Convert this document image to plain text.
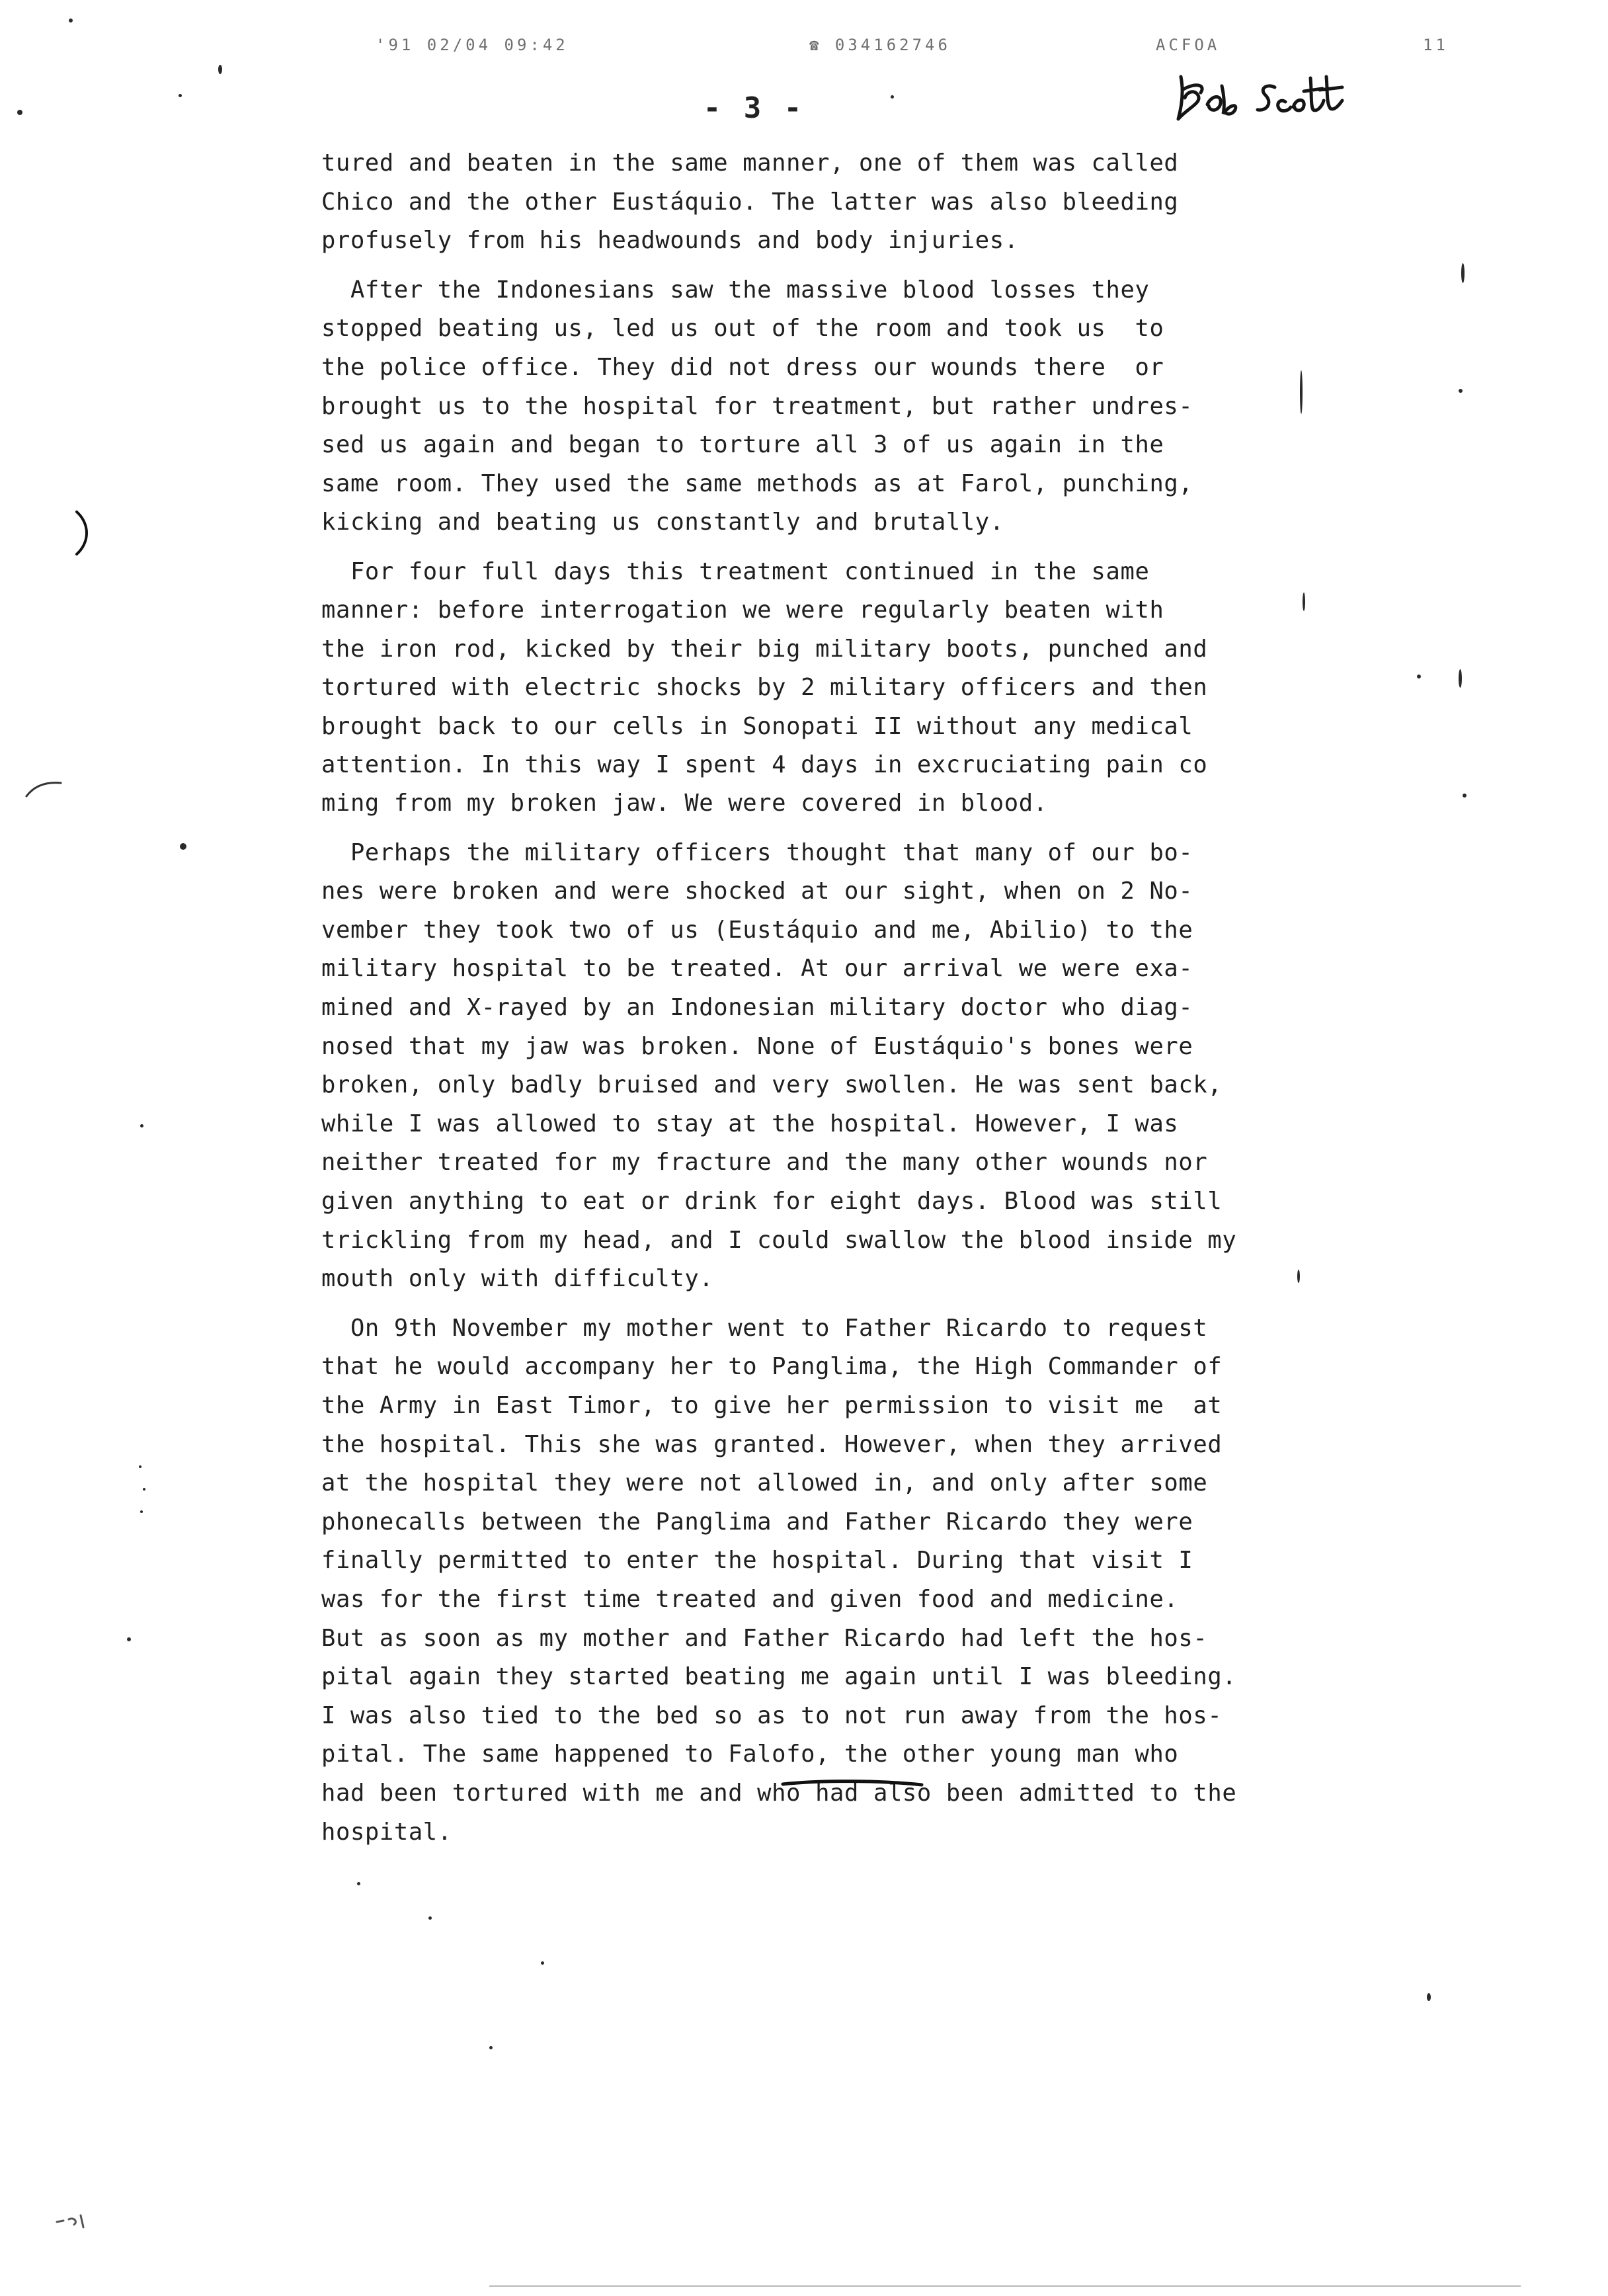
'91 02/04 09:42	☎ 034162746	ACFOA	11
- 3 -
tured and beaten in the same manner, one of them was called
Chico and the other Eustáquio. The latter was also bleeding
profusely from his headwounds and body injuries.
After the Indonesians saw the massive blood losses they
stopped beating us, led us out of the room and took us  to
the police office. They did not dress our wounds there  or
brought us to the hospital for treatment, but rather undres-
sed us again and began to torture all 3 of us again in the
same room. They used the same methods as at Farol, punching,
kicking and beating us constantly and brutally.
For four full days this treatment continued in the same
manner: before interrogation we were regularly beaten with
the iron rod, kicked by their big military boots, punched and
tortured with electric shocks by 2 military officers and then
brought back to our cells in Sonopati II without any medical
attention. In this way I spent 4 days in excruciating pain co
ming from my broken jaw. We were covered in blood.
Perhaps the military officers thought that many of our bo-
nes were broken and were shocked at our sight, when on 2 No-
vember they took two of us (Eustáquio and me, Abilio) to the
military hospital to be treated. At our arrival we were exa-
mined and X-rayed by an Indonesian military doctor who diag-
nosed that my jaw was broken. None of Eustáquio's bones were
broken, only badly bruised and very swollen. He was sent back,
while I was allowed to stay at the hospital. However, I was
neither treated for my fracture and the many other wounds nor
given anything to eat or drink for eight days. Blood was still
trickling from my head, and I could swallow the blood inside my
mouth only with difficulty.
On 9th November my mother went to Father Ricardo to request
that he would accompany her to Panglima, the High Commander of
the Army in East Timor, to give her permission to visit me  at
the hospital. This she was granted. However, when they arrived
at the hospital they were not allowed in, and only after some
phonecalls between the Panglima and Father Ricardo they were
finally permitted to enter the hospital. During that visit I
was for the first time treated and given food and medicine.
But as soon as my mother and Father Ricardo had left the hos-
pital again they started beating me again until I was bleeding.
I was also tied to the bed so as to not run away from the hos-
pital. The same happened to Falofo, the other young man who
had been tortured with me and who had also been admitted to the
hospital.
